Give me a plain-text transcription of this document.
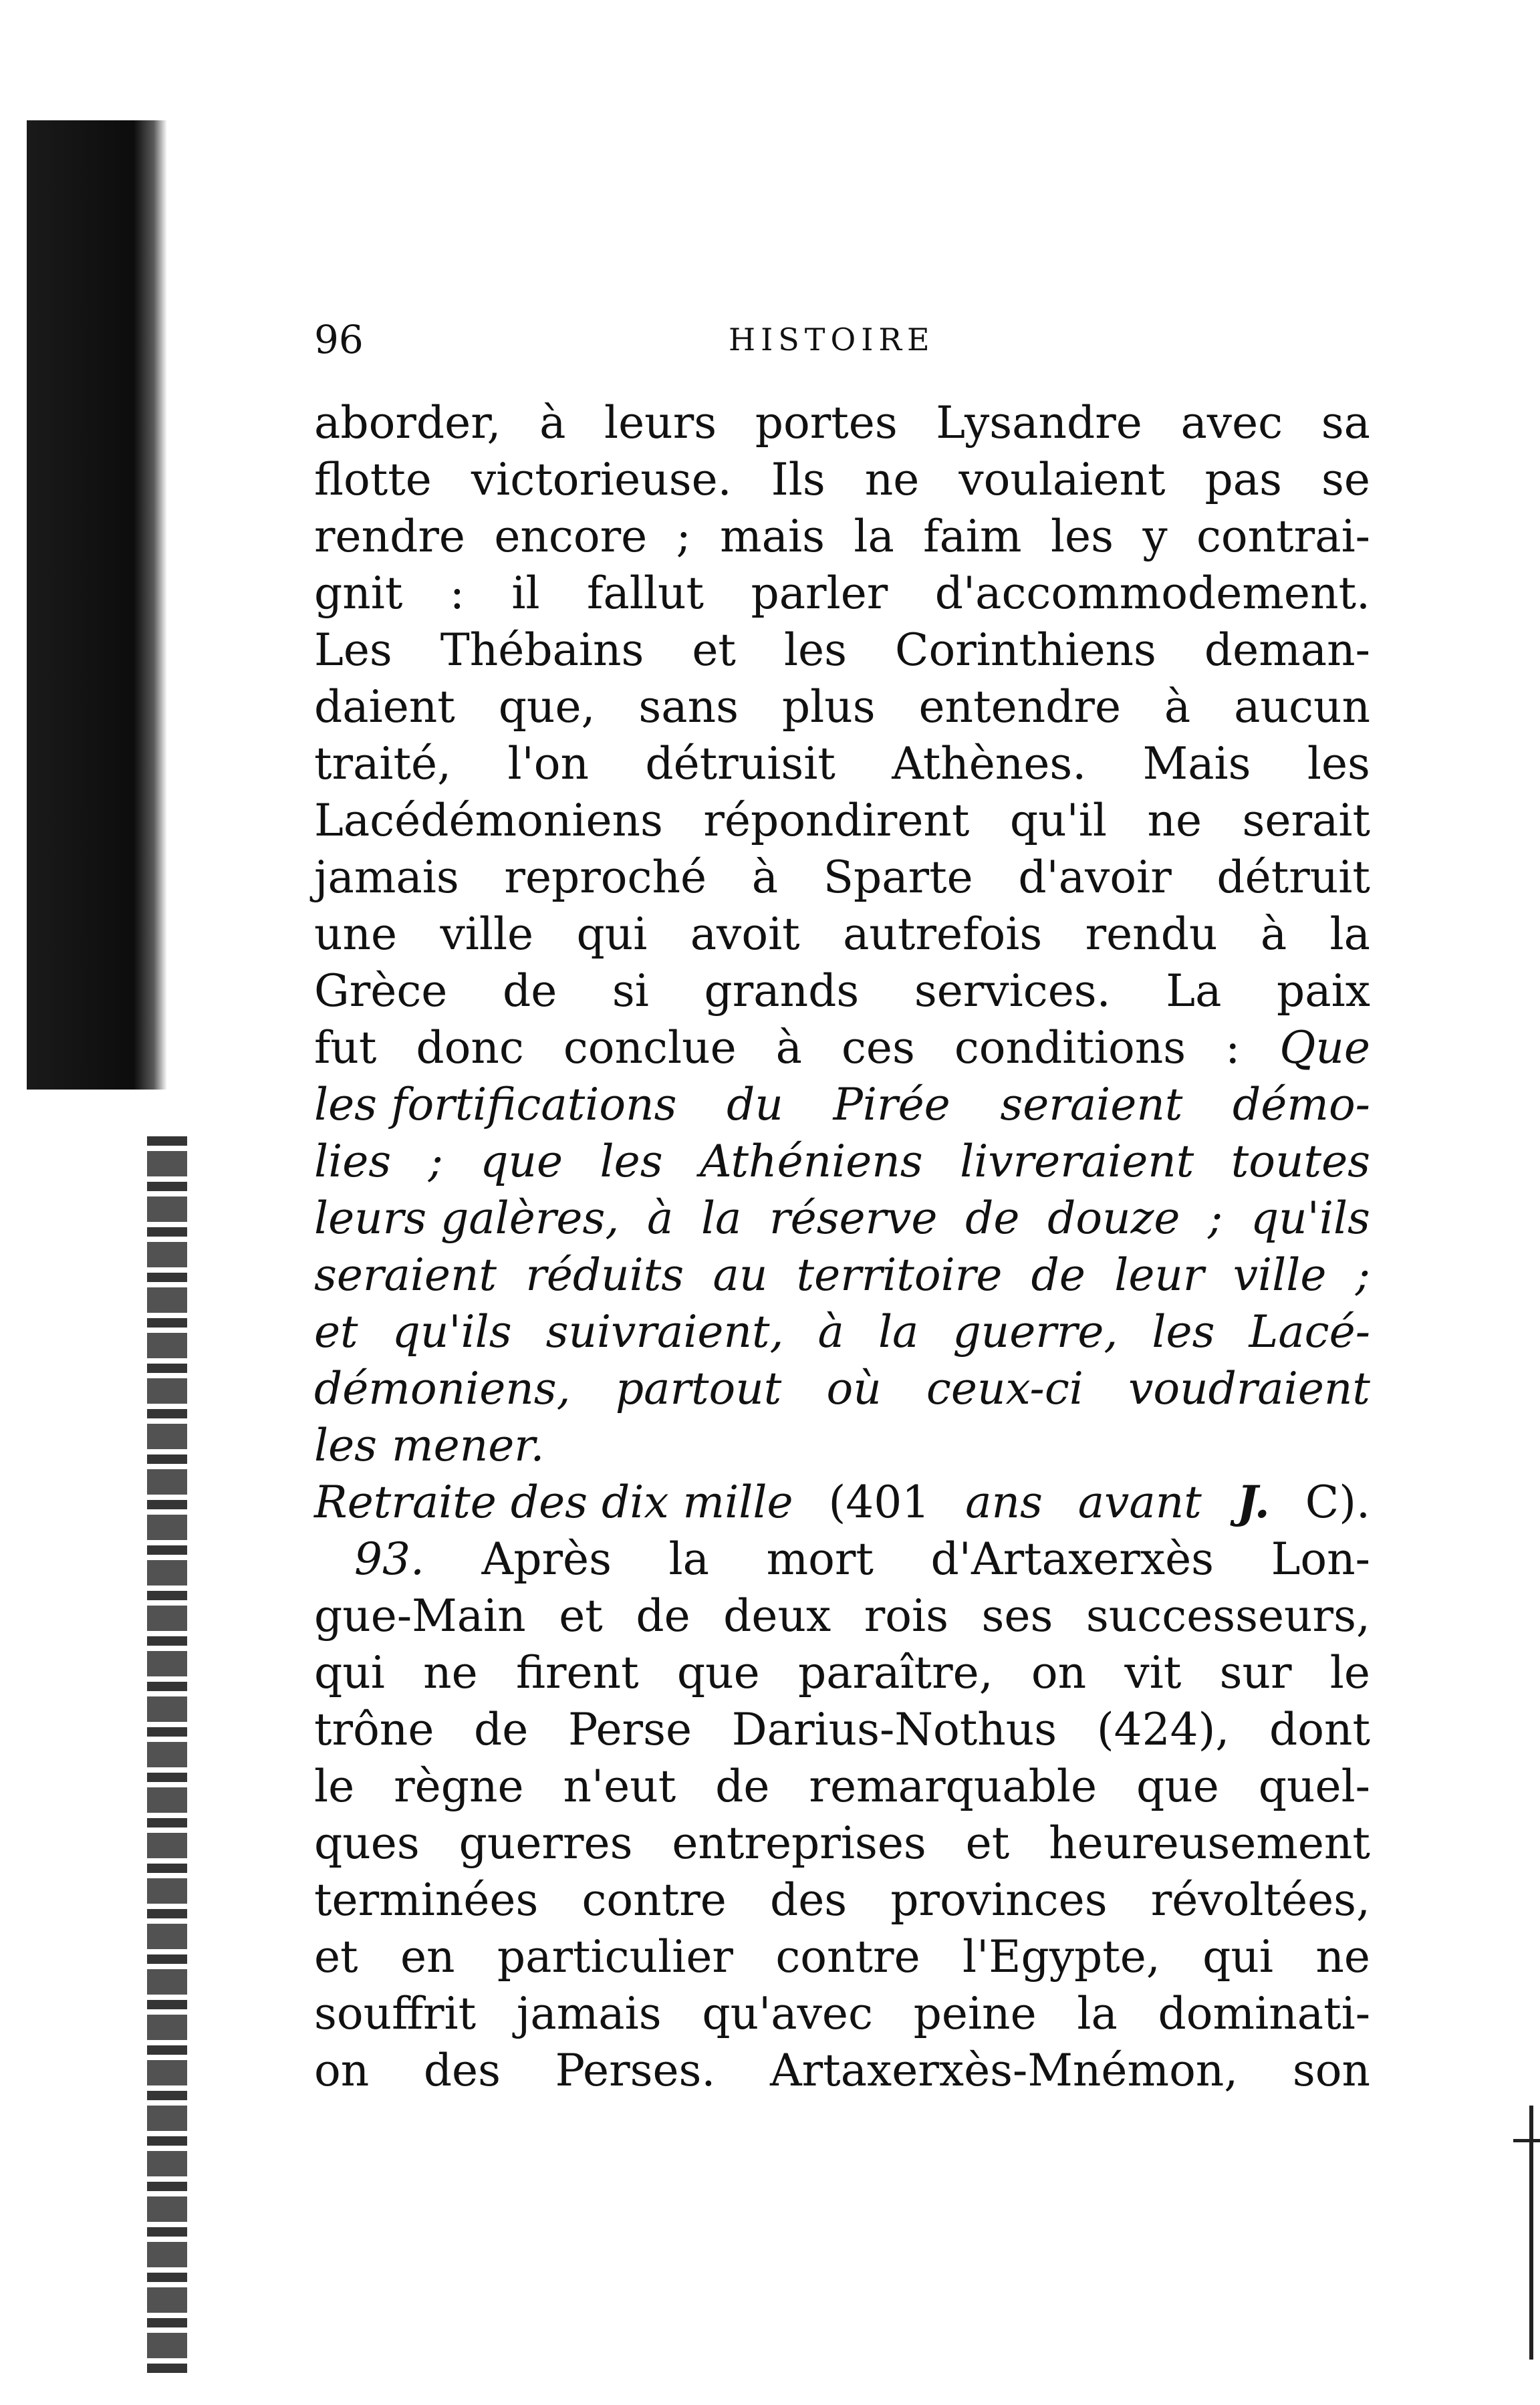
96	HISTOIRE
aborder, à leurs portes Lysandre avec sa
flotte victorieuse. Ils ne voulaient pas se
rendre encore ; mais la faim les y contrai-
gnit : il fallut parler d'accommodement.
Les Thébains et les Corinthiens deman-
daient que, sans plus entendre à aucun
traité, l'on détruisit Athènes. Mais les
Lacédémoniens répondirent qu'il ne serait
jamais reproché à Sparte d'avoir détruit
une ville qui avoit autrefois rendu à la
Grèce de si grands services. La paix
fut donc conclue à ces conditions : Que
les fortifications du Pirée seraient démo-
lies ; que les Athéniens livreraient toutes
leurs galères, à la réserve de douze ; qu'ils
seraient réduits au territoire de leur ville ;
et qu'ils suivraient, à la guerre, les Lacé-
démoniens, partout où ceux-ci voudraient
les mener.
Retraite des dix mille (401 ans avant J. C).
93. Après la mort d'Artaxerxès Lon-
gue-Main et de deux rois ses successeurs,
qui ne firent que paraître, on vit sur le
trône de Perse Darius-Nothus (424), dont
le règne n'eut de remarquable que quel-
ques guerres entreprises et heureusement
terminées contre des provinces révoltées,
et en particulier contre l'Egypte, qui ne
souffrit jamais qu'avec peine la dominati-
on des Perses. Artaxerxès-Mnémon, son
